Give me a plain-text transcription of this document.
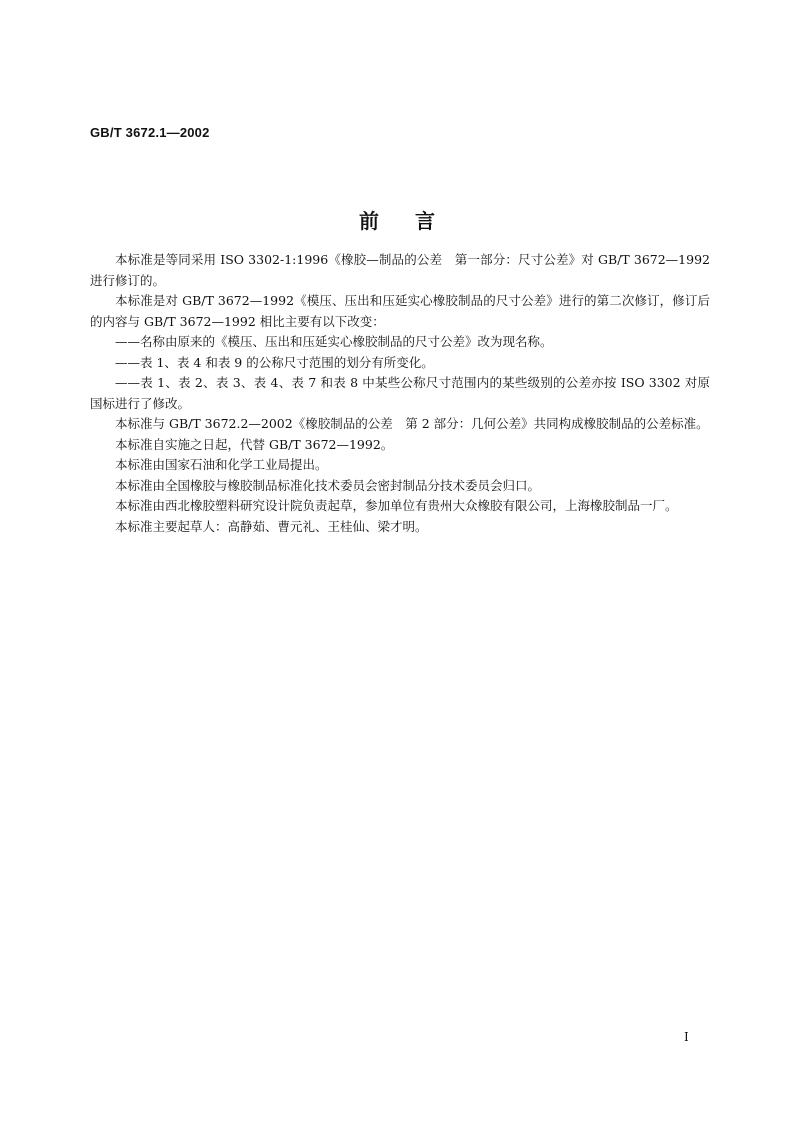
GB/T 3672.1—2002
前言

本标准是等同采用 ISO 3302-1:1996《橡胶—制品的公差　第一部分：尺寸公差》对 GB/T 3672—1992 进行修订的。

本标准是对 GB/T 3672—1992《模压、压出和压延实心橡胶制品的尺寸公差》进行的第二次修订，修订后的内容与 GB/T 3672—1992 相比主要有以下改变：

——名称由原来的《模压、压出和压延实心橡胶制品的尺寸公差》改为现名称。

——表 1、表 4 和表 9 的公称尺寸范围的划分有所变化。

——表 1、表 2、表 3、表 4、表 7 和表 8 中某些公称尺寸范围内的某些级别的公差亦按 ISO 3302 对原国标进行了修改。

本标准与 GB/T 3672.2—2002《橡胶制品的公差　第 2 部分：几何公差》共同构成橡胶制品的公差标准。

本标准自实施之日起，代替 GB/T 3672—1992。

本标准由国家石油和化学工业局提出。

本标准由全国橡胶与橡胶制品标准化技术委员会密封制品分技术委员会归口。

本标准由西北橡胶塑料研究设计院负责起草，参加单位有贵州大众橡胶有限公司，上海橡胶制品一厂。

本标准主要起草人：高静茹、曹元礼、王桂仙、梁才明。

I
